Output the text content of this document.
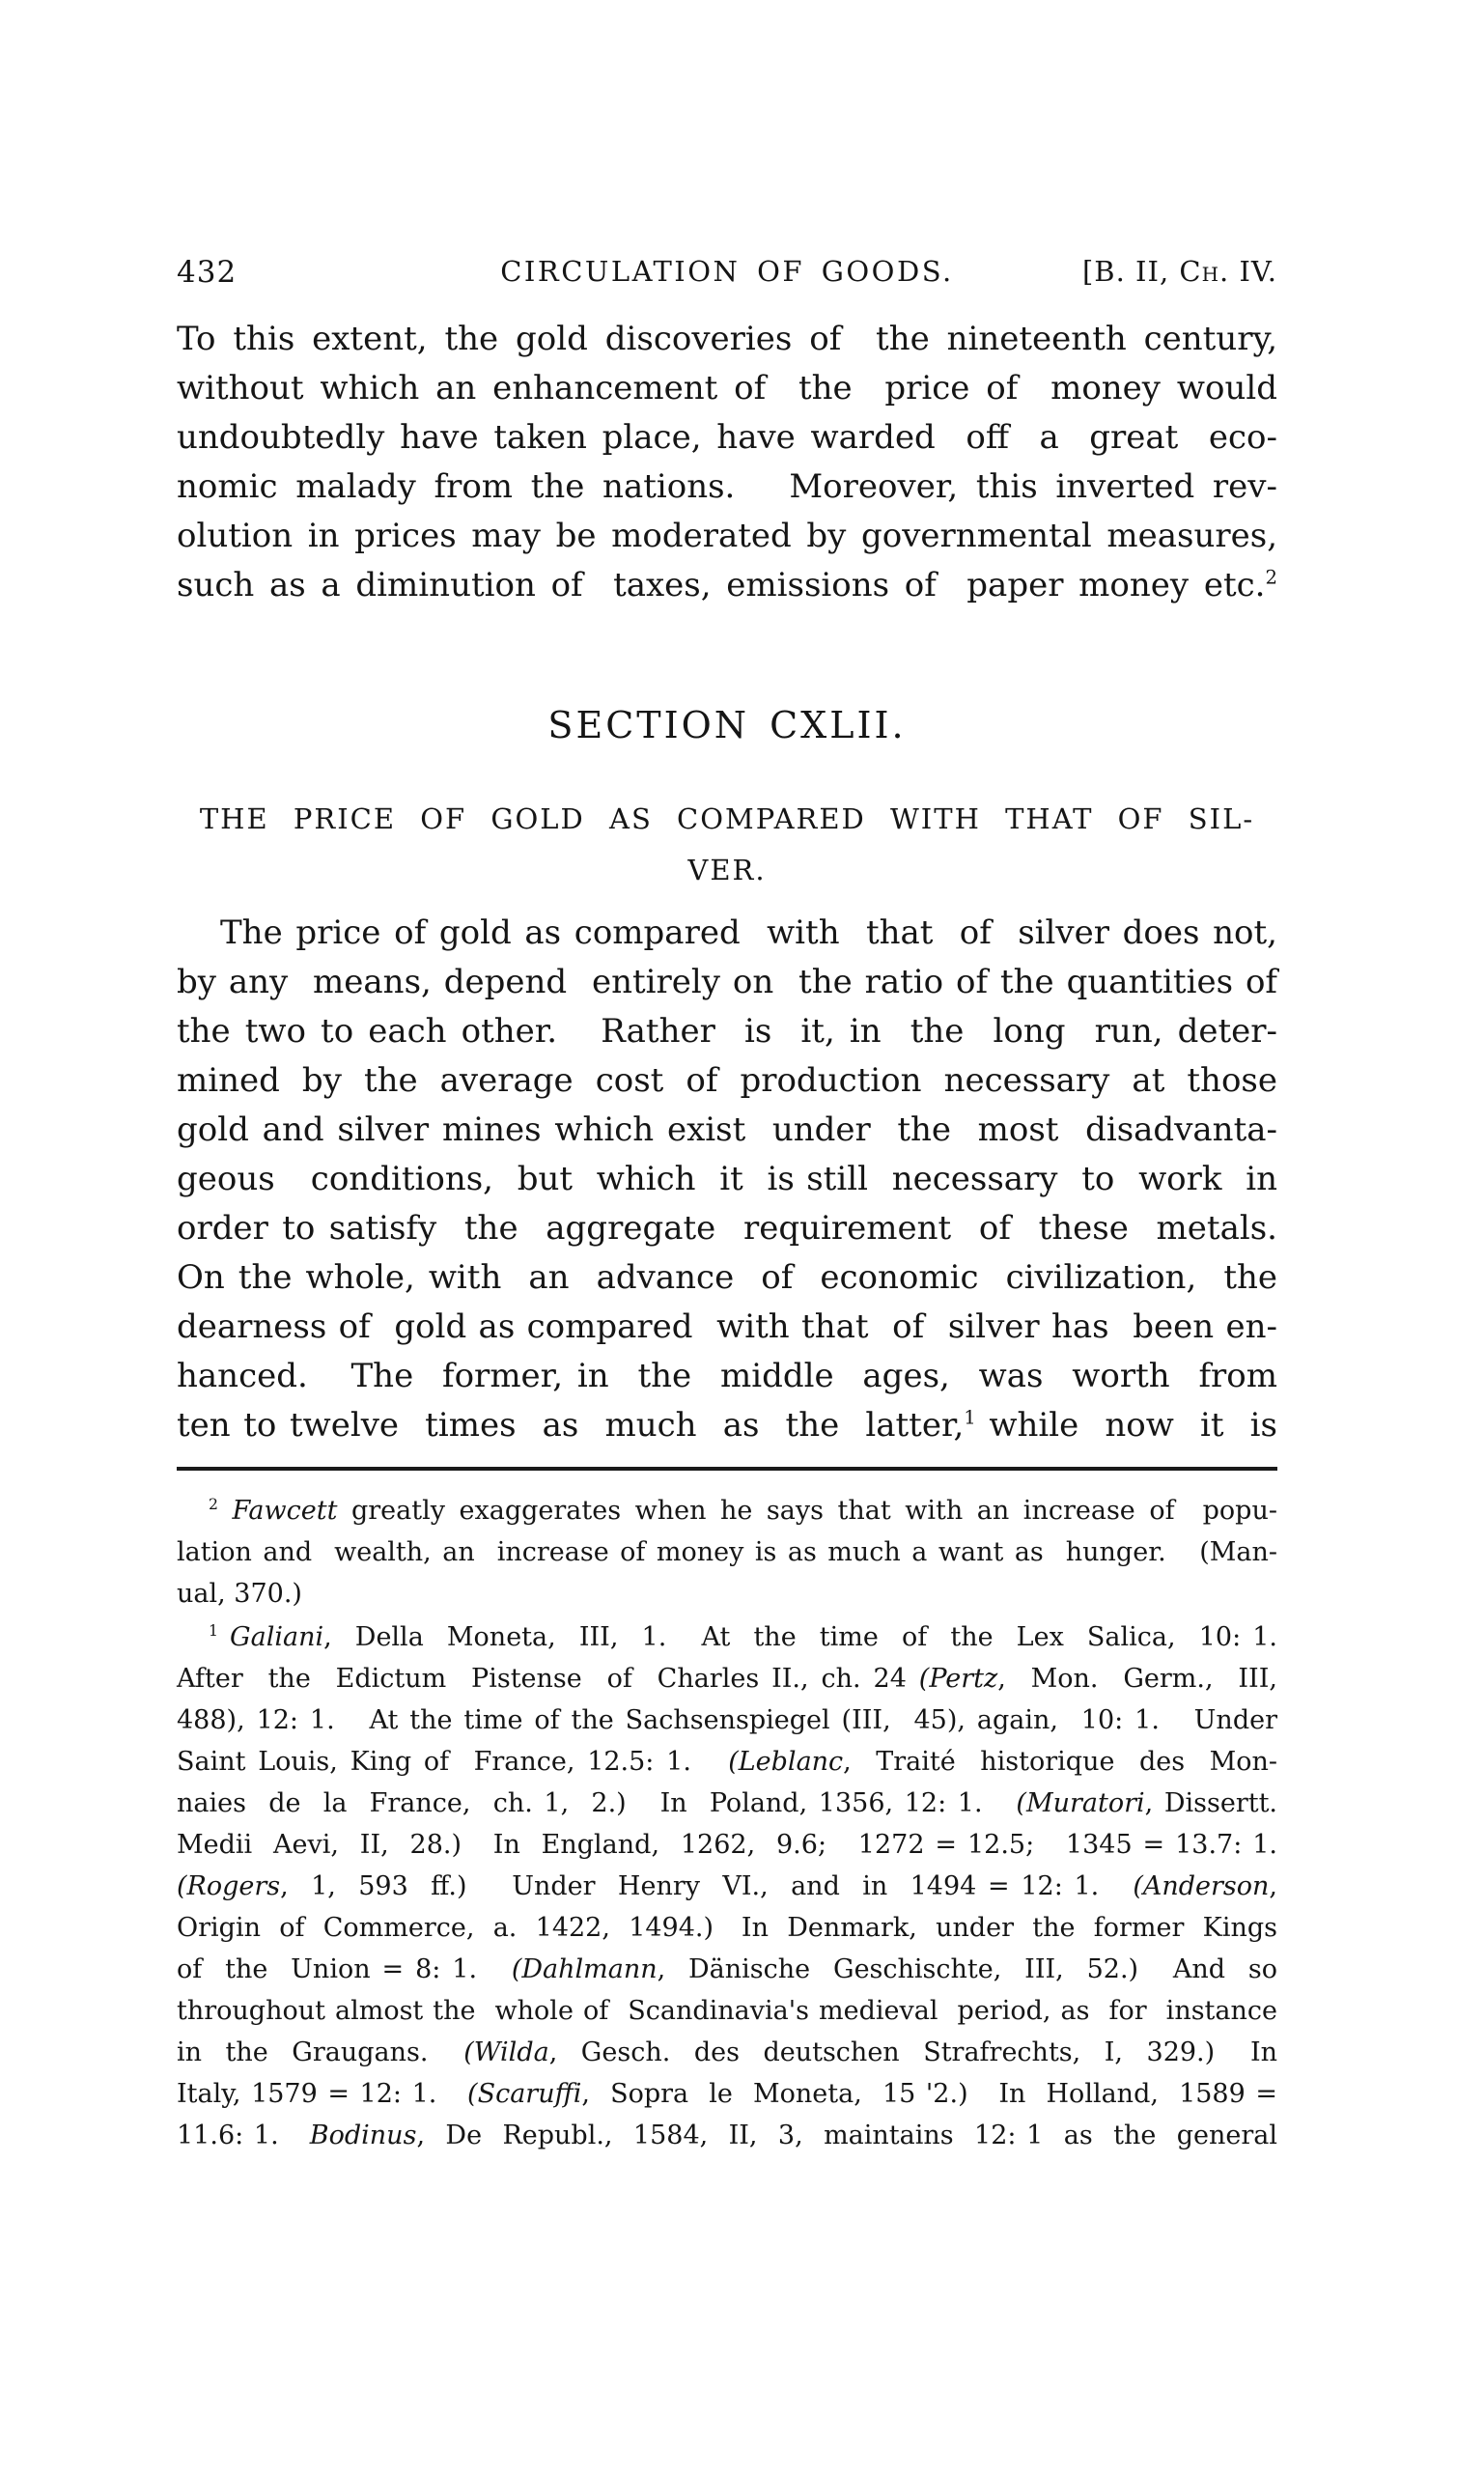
432	CIRCULATION OF GOODS.	[B. II, Ch. IV.
To this extent, the gold discoveries of  the nineteenth century,
without which an enhancement of  the  price of  money would
undoubtedly have taken place, have warded  off  a  great  eco-
nomic malady from the nations.   Moreover, this inverted rev-
olution in prices may be moderated by governmental measures,
such as a diminution of  taxes, emissions of  paper money etc.$^2$
SECTION CXLII.
THE PRICE OF GOLD AS COMPARED WITH THAT OF SIL-
VER.
The price of gold as compared  with  that  of  silver does not,
by any  means, depend  entirely on  the ratio of the quantities of
the two to each other.   Rather  is  it, in  the  long  run, deter-
mined  by  the  average  cost  of  production  necessary  at  those
gold and silver mines which exist  under  the  most  disadvanta-
geous   conditions,  but  which  it  is still  necessary  to  work  in
order to satisfy  the  aggregate  requirement  of  these  metals.
On the whole, with  an  advance  of  economic  civilization,  the
dearness of  gold as compared  with that  of  silver has  been en-
hanced.   The  former, in  the  middle  ages,  was  worth  from
ten to twelve  times  as  much  as  the  latter,$^1$ while  now  it  is
$^2$ Fawcett greatly exaggerates when he says that with an increase of  popu-
lation and  wealth, an  increase of money is as much a want as  hunger.   (Man-
ual, 370.)
$^1$ Galiani,  Della  Moneta,  III,  1.   At  the  time  of  the  Lex  Salica,  10: 1.
After  the  Edictum  Pistense  of  Charles II., ch. 24 (Pertz,  Mon.  Germ.,  III,
488), 12: 1.   At the time of the Sachsenspiegel (III,  45), again,  10: 1.   Under
Saint Louis, King of  France, 12.5: 1.   (Leblanc,  Traité  historique  des  Mon-
naies  de  la  France,  ch. 1,  2.)   In  Poland, 1356, 12: 1.   (Muratori, Dissertt.
Medii  Aevi,  II,  28.)   In  England,  1262,  9.6;   1272 = 12.5;   1345 = 13.7: 1.
(Rogers,  1,  593  ff.)    Under  Henry  VI.,  and  in  1494 = 12: 1.   (Anderson,
Origin  of  Commerce,  a.  1422,  1494.)   In  Denmark,  under  the  former  Kings
of  the  Union = 8: 1.   (Dahlmann,  Dänische  Geschischte,  III,  52.)   And  so
throughout almost the  whole of  Scandinavia's medieval  period, as  for  instance
in  the  Graugans.   (Wilda,  Gesch.  des  deutschen  Strafrechts,  I,  329.)   In
Italy, 1579 = 12: 1.   (Scaruffi,  Sopra  le  Moneta,  15 '2.)   In  Holland,  1589 =
11.6: 1.   Bodinus,  De  Republ.,  1584,  II,  3,  maintains  12: 1  as  the  general
